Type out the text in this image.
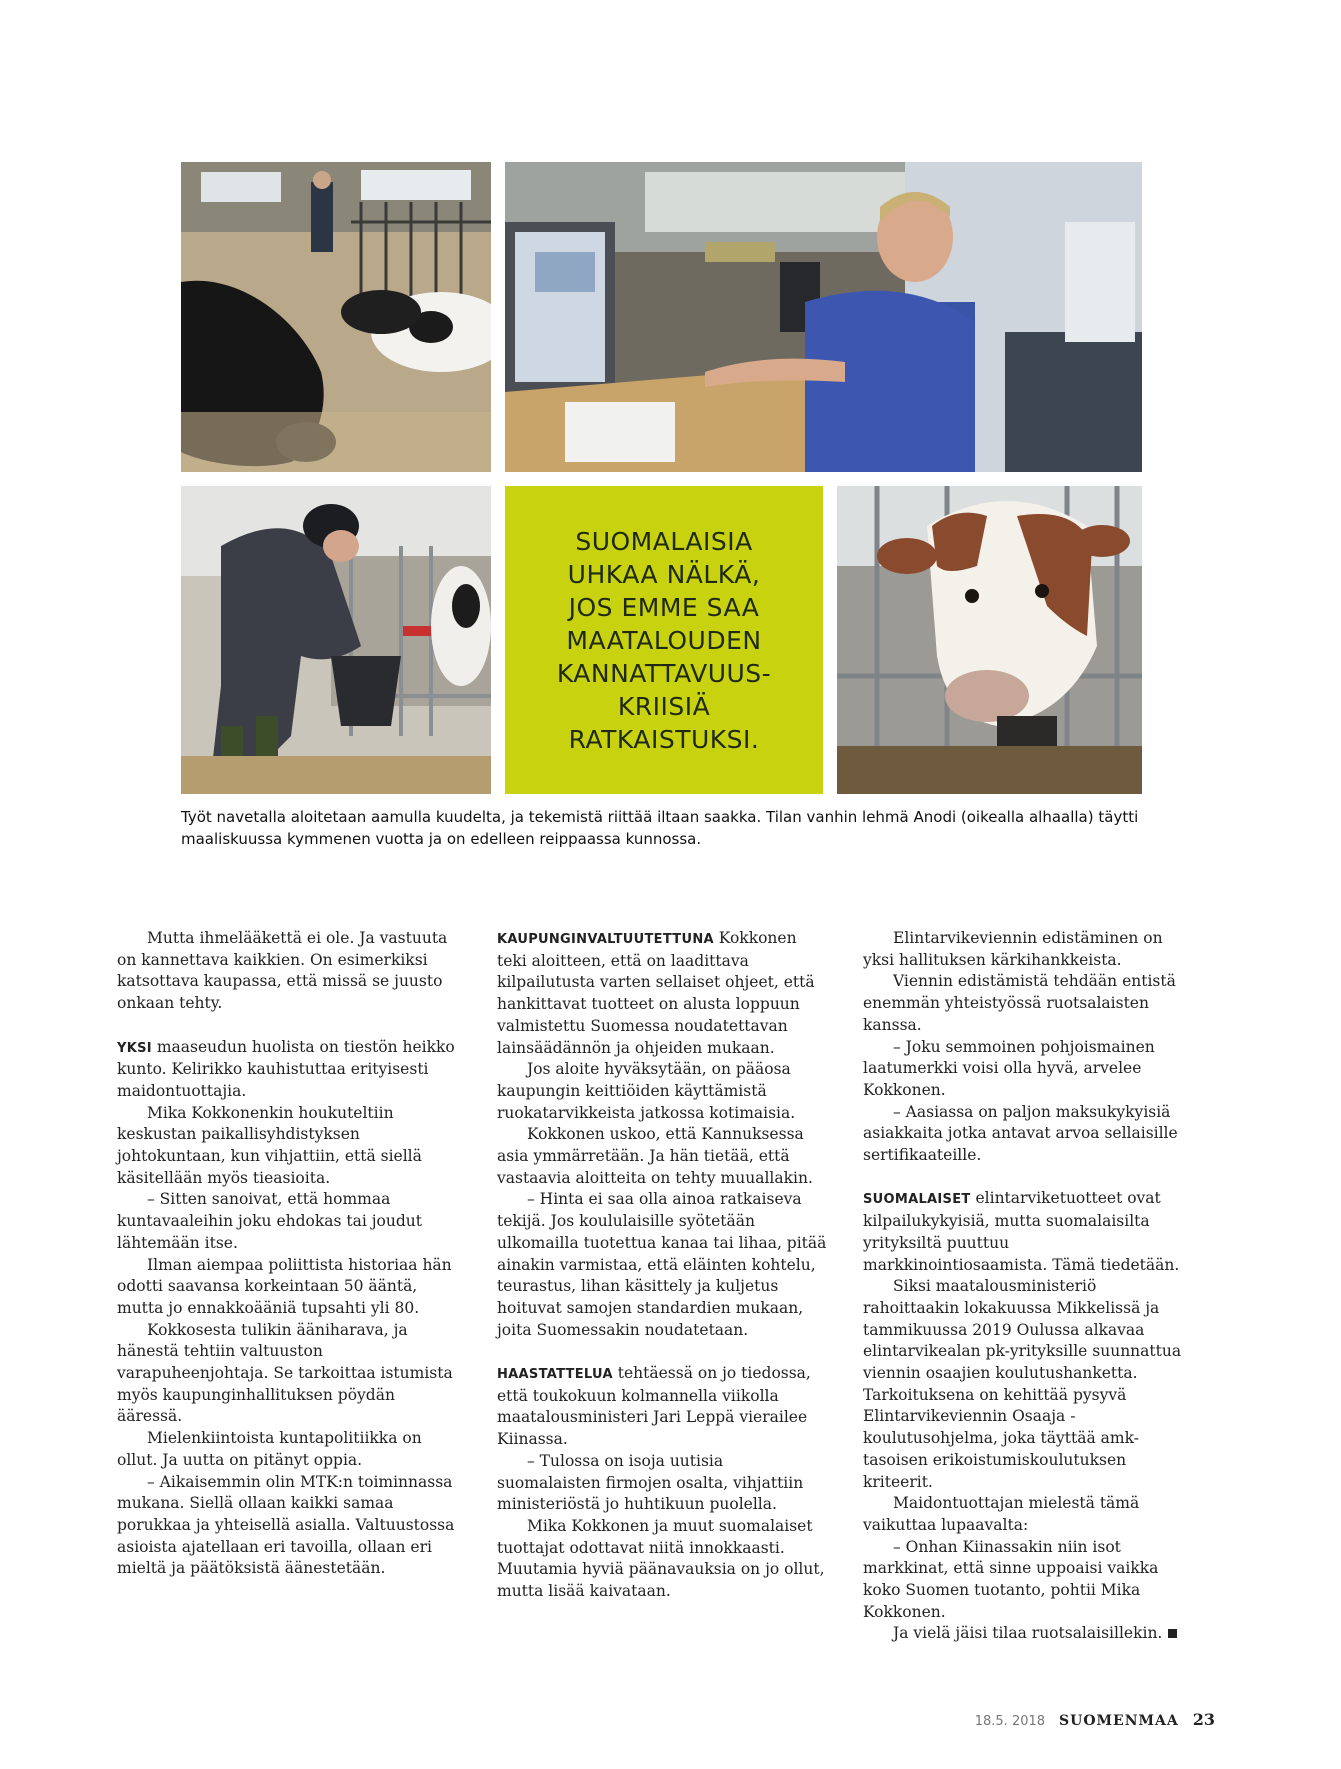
SUOMALAISIA
UHKAA NÄLKÄ,
JOS EMME SAA
MAATALOUDEN
KANNATTAVUUS-
KRIISIÄ
RATKAISTUKSI.
Työt navetalla aloitetaan aamulla kuudelta, ja tekemistä riittää iltaan saakka. Tilan vanhin lehmä Anodi (oikealla alhaalla) täytti maaliskuussa kymmenen vuotta ja on edelleen reippaassa kunnossa.

Mutta ihmelääkettä ei ole. Ja vastuuta on kannettava kaikkien. On esimerkiksi katsottava kaupassa, että missä se juusto onkaan tehty.

YKSI maaseudun huolista on tiestön heikko kunto. Kelirikko kauhistuttaa erityisesti maidontuottajia.

Mika Kokkonenkin houkuteltiin keskustan paikallisyhdistyksen johtokuntaan, kun vihjattiin, että siellä käsitellään myös tieasioita.

– Sitten sanoivat, että hommaa kuntavaaleihin joku ehdokas tai joudut lähtemään itse.

Ilman aiempaa poliittista historiaa hän odotti saavansa korkeintaan 50 ääntä, mutta jo ennakkoääniä tupsahti yli 80.

Kokkosesta tulikin ääniharava, ja hänestä tehtiin valtuuston varapuheenjohtaja. Se tarkoittaa istumista myös kaupunginhallituksen pöydän ääressä.

Mielenkiintoista kuntapolitiikka on ollut. Ja uutta on pitänyt oppia.

– Aikaisemmin olin MTK:n toiminnassa mukana. Siellä ollaan kaikki samaa porukkaa ja yhteisellä asialla. Valtuustossa asioista ajatellaan eri tavoilla, ollaan eri mieltä ja päätöksistä äänestetään.

KAUPUNGINVALTUUTETTUNA Kokkonen teki aloitteen, että on laadittava kilpailutusta varten sellaiset ohjeet, että hankittavat tuotteet on alusta loppuun valmistettu Suomessa noudatettavan lainsäädännön ja ohjeiden mukaan.

Jos aloite hyväksytään, on pääosa kaupungin keittiöiden käyttämistä ruokatarvikkeista jatkossa kotimaisia.

Kokkonen uskoo, että Kannuksessa asia ymmärretään. Ja hän tietää, että vastaavia aloitteita on tehty muuallakin.

– Hinta ei saa olla ainoa ratkaiseva tekijä. Jos koululaisille syötetään ulkomailla tuotettua kanaa tai lihaa, pitää ainakin varmistaa, että eläinten kohtelu, teurastus, lihan käsittely ja kuljetus hoituvat samojen standardien mukaan, joita Suomessakin noudatetaan.

HAASTATTELUA tehtäessä on jo tiedossa, että toukokuun kolmannella viikolla maatalousministeri Jari Leppä vierailee Kiinassa.

– Tulossa on isoja uutisia suomalaisten firmojen osalta, vihjattiin ministeriöstä jo huhtikuun puolella.

Mika Kokkonen ja muut suomalaiset tuottajat odottavat niitä innokkaasti. Muutamia hyviä päänavauksia on jo ollut, mutta lisää kaivataan.

Elintarvikeviennin edistäminen on yksi hallituksen kärkihankkeista.

Viennin edistämistä tehdään entistä enemmän yhteistyössä ruotsalaisten kanssa.

– Joku semmoinen pohjoismainen laatumerkki voisi olla hyvä, arvelee Kokkonen.

– Aasiassa on paljon maksukykyisiä asiakkaita jotka antavat arvoa sellaisille sertifikaateille.

SUOMALAISET elintarviketuotteet ovat kilpailukykyisiä, mutta suomalaisilta yrityksiltä puuttuu markkinointiosaamista. Tämä tiedetään.

Siksi maatalousministeriö rahoittaakin lokakuussa Mikkelissä ja tammikuussa 2019 Oulussa alkavaa elintarvikealan pk-yrityksille suunnattua viennin osaajien koulutushanketta. Tarkoituksena on kehittää pysyvä Elintarvikeviennin Osaaja -koulutusohjelma, joka täyttää amk-tasoisen erikoistumiskoulutuksen kriteerit.

Maidontuottajan mielestä tämä vaikuttaa lupaavalta:

– Onhan Kiinassakin niin isot markkinat, että sinne uppoaisi vaikka koko Suomen tuotanto, pohtii Mika Kokkonen.

Ja vielä jäisi tilaa ruotsalaisillekin.

18.5. 2018 SUOMENMAA 23
